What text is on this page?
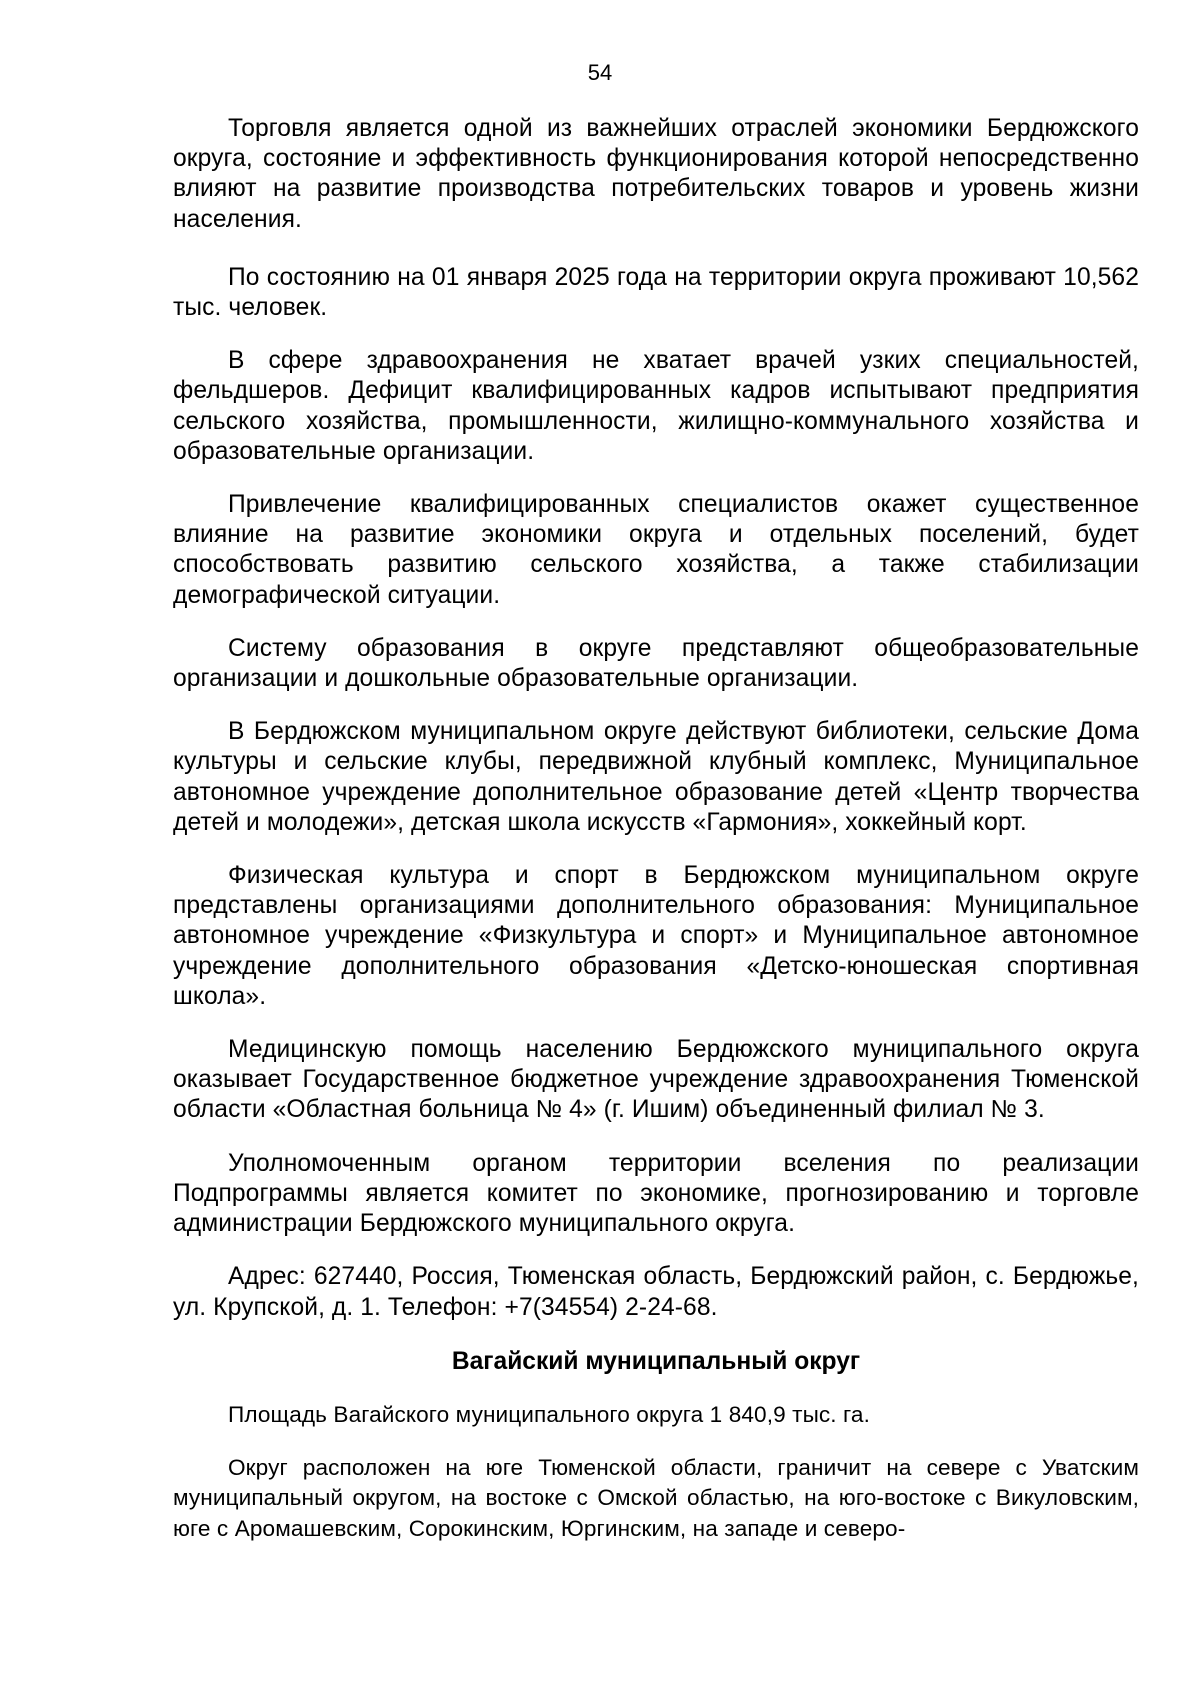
54

Торговля является одной из важнейших отраслей экономики Бердюжского округа, состояние и эффективность функционирования которой непосредственно влияют на развитие производства потребительских товаров и уровень жизни населения.

По состоянию на 01 января 2025 года на территории округа проживают 10,562 тыс. человек.

В сфере здравоохранения не хватает врачей узких специальностей, фельдшеров. Дефицит квалифицированных кадров испытывают предприятия сельского хозяйства, промышленности, жилищно-коммунального хозяйства и образовательные организации.

Привлечение квалифицированных специалистов окажет существенное влияние на развитие экономики округа и отдельных поселений, будет способствовать развитию сельского хозяйства, а также стабилизации демографической ситуации.

Систему образования в округе представляют общеобразовательные организации и дошкольные образовательные организации.

В Бердюжском муниципальном округе действуют библиотеки, сельские Дома культуры и сельские клубы, передвижной клубный комплекс, Муниципальное автономное учреждение дополнительное образование детей «Центр творчества детей и молодежи», детская школа искусств «Гармония», хоккейный корт.

Физическая культура и спорт в Бердюжском муниципальном округе представлены организациями дополнительного образования: Муниципальное автономное учреждение «Физкультура и спорт» и Муниципальное автономное учреждение дополнительного образования «Детско-юношеская спортивная школа».

Медицинскую помощь населению Бердюжского муниципального округа оказывает Государственное бюджетное учреждение здравоохранения Тюменской области «Областная больница № 4» (г. Ишим) объединенный филиал № 3.

Уполномоченным органом территории вселения по реализации Подпрограммы является комитет по экономике, прогнозированию и торговле администрации Бердюжского муниципального округа.

Адрес: 627440, Россия, Тюменская область, Бердюжский район, с. Бердюжье, ул. Крупской, д. 1. Телефон: +7(34554) 2-24-68.

Вагайский муниципальный округ

Площадь Вагайского муниципального округа 1 840,9 тыс. га.

Округ расположен на юге Тюменской области, граничит на севере с Уватским муниципальный округом, на востоке с Омской областью, на юго-востоке с Викуловским, юге с Аромашевским, Сорокинским, Юргинским, на западе и северо-
